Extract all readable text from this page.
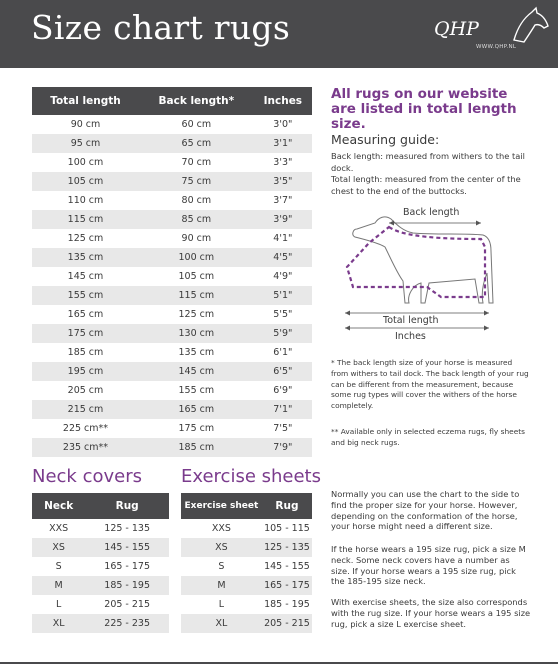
Size chart rugs	QHP
WWW.QHP.NL
Total length	Back length*	Inches
90 cm	60 cm	3'0"
95 cm	65 cm	3'1"
100 cm	70 cm	3'3"
105 cm	75 cm	3'5"
110 cm	80 cm	3'7"
115 cm	85 cm	3'9"
125 cm	90 cm	4'1"
135 cm	100 cm	4'5"
145 cm	105 cm	4'9"
155 cm	115 cm	5'1"
165 cm	125 cm	5'5"
175 cm	130 cm	5'9"
185 cm	135 cm	6'1"
195 cm	145 cm	6'5"
205 cm	155 cm	6'9"
215 cm	165 cm	7'1"
225 cm**	175 cm	7'5"
235 cm**	185 cm	7'9"
Neck covers Exercise sheets
Neck	Rug
XXS	125 - 135
XS	145 - 155
S	165 - 175
M	185 - 195
L	205 - 215
XL	225 - 235
Exercise sheet	Rug
XXS	105 - 115
XS	125 - 135
S	145 - 155
M	165 - 175
L	185 - 195
XL	205 - 215
All rugs on our website are listed in total length size.
Measuring guide:
Back length: measured from withers to the tail dock.
Total length: measured from the center of the chest to the end of the buttocks.
Back length
Total length
Inches
* The back length size of your horse is measured from withers to tail dock. The back length of your rug can be different from the measurement, because some rug types will cover the withers of the horse completely.
** Available only in selected eczema rugs, fly sheets and big neck rugs.
Normally you can use the chart to the side to find the proper size for your horse. However, depending on the conformation of the horse, your horse might need a different size.
If the horse wears a 195 size rug, pick a size M neck. Some neck covers have a number as size. If your horse wears a 195 size rug, pick the 185-195 size neck.
With exercise sheets, the size also corresponds with the rug size. If your horse wears a 195 size rug, pick a size L exercise sheet.
